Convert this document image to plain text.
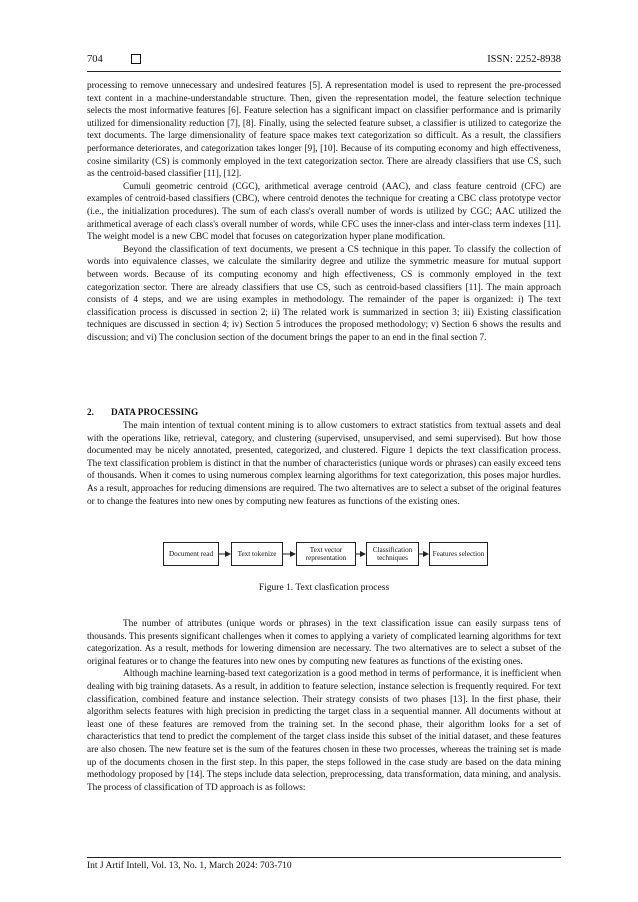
704	ISSN: 2252-8938

processing to remove unnecessary and undesired features [5]. A representation model is used to represent the pre-processed text content in a machine-understandable structure. Then, given the representation model, the feature selection technique selects the most informative features [6]. Feature selection has a significant impact on classifier performance and is primarily utilized for dimensionality reduction [7], [8]. Finally, using the selected feature subset, a classifier is utilized to categorize the text documents. The large dimensionality of feature space makes text categorization so difficult. As a result, the classifiers performance deteriorates, and categorization takes longer [9], [10]. Because of its computing economy and high effectiveness, cosine similarity (CS) is commonly employed in the text categorization sector. There are already classifiers that use CS, such as the centroid-based classifier [11], [12].

Cumuli geometric centroid (CGC), arithmetical average centroid (AAC), and class feature centroid (CFC) are examples of centroid-based classifiers (CBC), where centroid denotes the technique for creating a CBC class prototype vector (i.e., the initialization procedures). The sum of each class's overall number of words is utilized by CGC; AAC utilized the arithmetical average of each class's overall number of words, while CFC uses the inner-class and inter-class term indexes [11]. The weight model is a new CBC model that focuses on categorization hyper plane modification.

Beyond the classification of text documents, we present a CS technique in this paper. To classify the collection of words into equivalence classes, we calculate the similarity degree and utilize the symmetric measure for mutual support between words. Because of its computing economy and high effectiveness, CS is commonly employed in the text categorization sector. There are already classifiers that use CS, such as centroid-based classifiers [11]. The main approach consists of 4 steps, and we are using examples in methodology. The remainder of the paper is organized: i) The text classification process is discussed in section 2; ii) The related work is summarized in section 3; iii) Existing classification techniques are discussed in section 4; iv) Section 5 introduces the proposed methodology; v) Section 6 shows the results and discussion; and vi) The conclusion section of the document brings the paper to an end in the final section 7.

2. DATA PROCESSING

The main intention of textual content mining is to allow customers to extract statistics from textual assets and deal with the operations like, retrieval, category, and clustering (supervised, unsupervised, and semi supervised). But how those documented may be nicely annotated, presented, categorized, and clustered. Figure 1 depicts the text classification process. The text classification problem is distinct in that the number of characteristics (unique words or phrases) can easily exceed tens of thousands. When it comes to using numerous complex learning algorithms for text categorization, this poses major hurdles. As a result, approaches for reducing dimensions are required. The two alternatives are to select a subset of the original features or to change the features into new ones by computing new features as functions of the existing ones.

Document read	Text tokenize
Text vector representation
Classification techniques
Features selection
Figure 1. Text clasfication process

The number of attributes (unique words or phrases) in the text classification issue can easily surpass tens of thousands. This presents significant challenges when it comes to applying a variety of complicated learning algorithms for text categorization. As a result, methods for lowering dimension are necessary. The two alternatives are to select a subset of the original features or to change the features into new ones by computing new features as functions of the existing ones.

Although machine learning-based text categorization is a good method in terms of performance, it is inefficient when dealing with big training datasets. As a result, in addition to feature selection, instance selection is frequently required. For text classification, combined feature and instance selection. Their strategy consists of two phases [13]. In the first phase, their algorithm selects features with high precision in predicting the target class in a sequential manner. All documents without at least one of these features are removed from the training set. In the second phase, their algorithm looks for a set of characteristics that tend to predict the complement of the target class inside this subset of the initial dataset, and these features are also chosen. The new feature set is the sum of the features chosen in these two processes, whereas the training set is made up of the documents chosen in the first step. In this paper, the steps followed in the case study are based on the data mining methodology proposed by [14]. The steps include data selection, preprocessing, data transformation, data mining, and analysis. The process of classification of TD approach is as follows:

Int J Artif Intell, Vol. 13, No. 1, March 2024: 703-710
